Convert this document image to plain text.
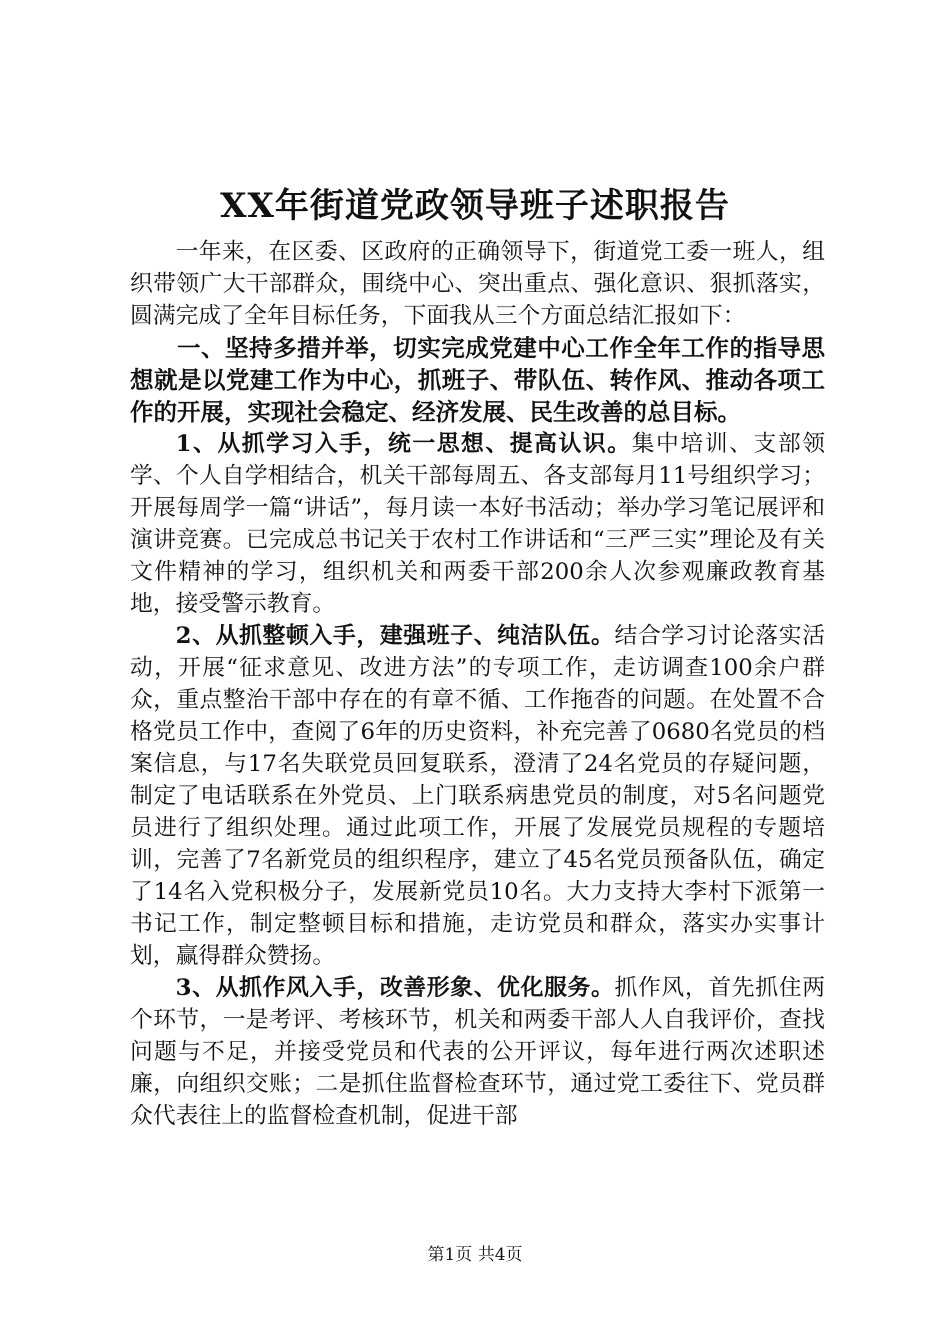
XX年街道党政领导班子述职报告

一年来，在区委、区政府的正确领导下，街道党工委一班人，组织带领广大干部群众，围绕中心、突出重点、强化意识、狠抓落实，圆满完成了全年目标任务，下面我从三个方面总结汇报如下：

一、坚持多措并举，切实完成党建中心工作全年工作的指导思想就是以党建工作为中心，抓班子、带队伍、转作风、推动各项工作的开展，实现社会稳定、经济发展、民生改善的总目标。

1、从抓学习入手，统一思想、提高认识。集中培训、支部领学、个人自学相结合，机关干部每周五、各支部每月11号组织学习；开展每周学一篇“讲话”，每月读一本好书活动；举办学习笔记展评和演讲竞赛。已完成总书记关于农村工作讲话和“三严三实”理论及有关文件精神的学习，组织机关和两委干部200余人次参观廉政教育基地，接受警示教育。

2、从抓整顿入手，建强班子、纯洁队伍。结合学习讨论落实活动，开展“征求意见、改进方法”的专项工作，走访调查100余户群众，重点整治干部中存在的有章不循、工作拖沓的问题。在处置不合格党员工作中，查阅了6年的历史资料，补充完善了0680名党员的档案信息，与17名失联党员回复联系，澄清了24名党员的存疑问题，制定了电话联系在外党员、上门联系病患党员的制度，对5名问题党员进行了组织处理。通过此项工作，开展了发展党员规程的专题培训，完善了7名新党员的组织程序，建立了45名党员预备队伍，确定了14名入党积极分子，发展新党员10名。大力支持大李村下派第一书记工作，制定整顿目标和措施，走访党员和群众，落实办实事计划，赢得群众赞扬。

3、从抓作风入手，改善形象、优化服务。抓作风，首先抓住两个环节，一是考评、考核环节，机关和两委干部人人自我评价，查找问题与不足，并接受党员和代表的公开评议，每年进行两次述职述廉，向组织交账；二是抓住监督检查环节，通过党工委往下、党员群众代表往上的监督检查机制，促进干部

第1页 共4页
